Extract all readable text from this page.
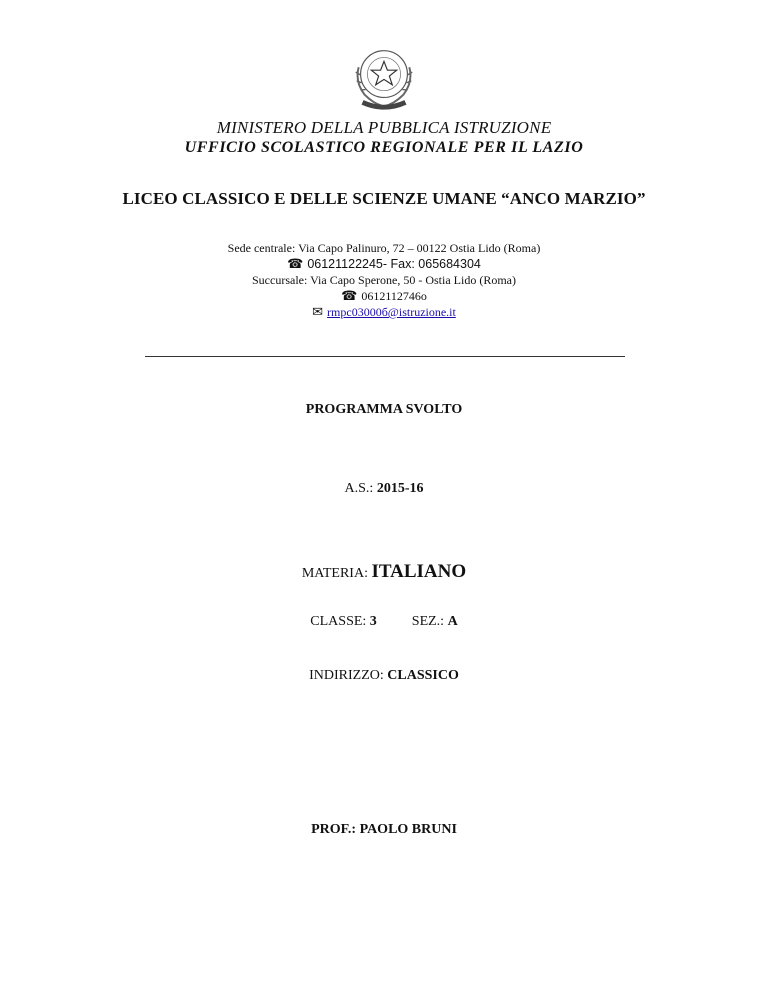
MINISTERO DELLA PUBBLICA ISTRUZIONE
UFFICIO SCOLASTICO REGIONALE PER IL LAZIO
LICEO CLASSICO E DELLE SCIENZE UMANE “ANCO MARZIO”
Sede centrale: Via Capo Palinuro, 72 – 00122 Ostia Lido (Roma)
☎ 06121122245- Fax: 065684304
Succursale: Via Capo Sperone, 50 - Ostia Lido (Roma)
☎ 0612112746o
✉ rmpc03000б@istruzione.it
PROGRAMMA SVOLTO
A.S.: 2015-16
MATERIA: ITALIANO
CLASSE: 3	SEZ.: A
INDIRIZZO: CLASSICO
PROF.: PAOLO BRUNI
